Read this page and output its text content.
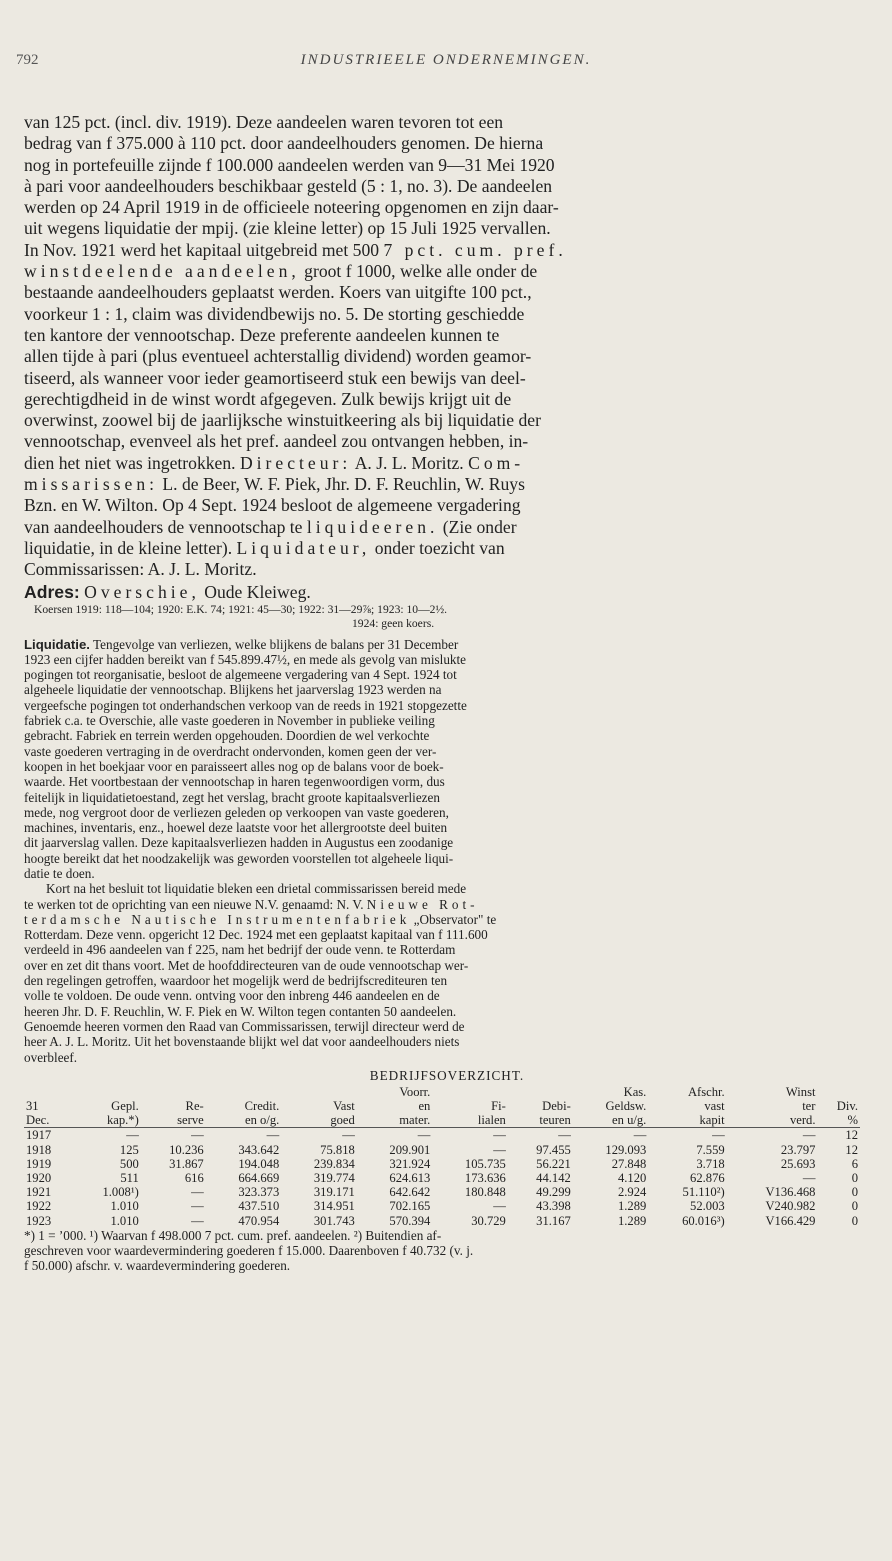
792	INDUSTRIEELE ONDERNEMINGEN.
van 125 pct. (incl. div. 1919). Deze aandeelen waren tevoren tot een
bedrag van f 375.000 à 110 pct. door aandeelhouders genomen. De hierna
nog in portefeuille zijnde f 100.000 aandeelen werden van 9—31 Mei 1920
à pari voor aandeelhouders beschikbaar gesteld (5 : 1, no. 3). De aandeelen
werden op 24 April 1919 in de officieele noteering opgenomen en zijn daar-
uit wegens liquidatie der mpij. (zie kleine letter) op 15 Juli 1925 vervallen.
In Nov. 1921 werd het kapitaal uitgebreid met 500 7 pct. cum. pref.
winstdeelende aandeelen, groot f 1000, welke alle onder de
bestaande aandeelhouders geplaatst werden. Koers van uitgifte 100 pct.,
voorkeur 1 : 1, claim was dividendbewijs no. 5. De storting geschiedde
ten kantore der vennootschap. Deze preferente aandeelen kunnen te
allen tijde à pari (plus eventueel achterstallig dividend) worden geamor-
tiseerd, als wanneer voor ieder geamortiseerd stuk een bewijs van deel-
gerechtigdheid in de winst wordt afgegeven. Zulk bewijs krijgt uit de
overwinst, zoowel bij de jaarlijksche winstuitkeering als bij liquidatie der
vennootschap, evenveel als het pref. aandeel zou ontvangen hebben, in-
dien het niet was ingetrokken. Directeur: A. J. L. Moritz. Com-
missarissen: L. de Beer, W. F. Piek, Jhr. D. F. Reuchlin, W. Ruys
Bzn. en W. Wilton. Op 4 Sept. 1924 besloot de algemeene vergadering
van aandeelhouders de vennootschap te liquideeren. (Zie onder
liquidatie, in de kleine letter). Liquidateur, onder toezicht van
Commissarissen: A. J. L. Moritz.
Adres: Overschie, Oude Kleiweg.
Koersen 1919: 118—104; 1920: E.K. 74; 1921: 45—30; 1922: 31—29⅞; 1923: 10—2½.
1924: geen koers.
Liquidatie. Tengevolge van verliezen, welke blijkens de balans per 31 December
1923 een cijfer hadden bereikt van f 545.899.47½, en mede als gevolg van mislukte
pogingen tot reorganisatie, besloot de algemeene vergadering van 4 Sept. 1924 tot
algeheele liquidatie der vennootschap. Blijkens het jaarverslag 1923 werden na
vergeefsche pogingen tot onderhandschen verkoop van de reeds in 1921 stopgezette
fabriek c.a. te Overschie, alle vaste goederen in November in publieke veiling
gebracht. Fabriek en terrein werden opgehouden. Doordien de wel verkochte
vaste goederen vertraging in de overdracht ondervonden, komen geen der ver-
koopen in het boekjaar voor en paraisseert alles nog op de balans voor de boek-
waarde. Het voortbestaan der vennootschap in haren tegenwoordigen vorm, dus
feitelijk in liquidatietoestand, zegt het verslag, bracht groote kapitaalsverliezen
mede, nog vergroot door de verliezen geleden op verkoopen van vaste goederen,
machines, inventaris, enz., hoewel deze laatste voor het allergrootste deel buiten
dit jaarverslag vallen. Deze kapitaalsverliezen hadden in Augustus een zoodanige
hoogte bereikt dat het noodzakelijk was geworden voorstellen tot algeheele liqui-
datie te doen.
Kort na het besluit tot liquidatie bleken een drietal commissarissen bereid mede
te werken tot de oprichting van een nieuwe N.V. genaamd: N. V. Nieuwe Rot-
terdamsche Nautische Instrumentenfabriek „Observator" te
Rotterdam. Deze venn. opgericht 12 Dec. 1924 met een geplaatst kapitaal van f 111.600
verdeeld in 496 aandeelen van f 225, nam het bedrijf der oude venn. te Rotterdam
over en zet dit thans voort. Met de hoofddirecteuren van de oude vennootschap wer-
den regelingen getroffen, waardoor het mogelijk werd de bedrijfscrediteuren ten
volle te voldoen. De oude venn. ontving voor den inbreng 446 aandeelen en de
heeren Jhr. D. F. Reuchlin, W. F. Piek en W. Wilton tegen contanten 50 aandeelen.
Genoemde heeren vormen den Raad van Commissarissen, terwijl directeur werd de
heer A. J. L. Moritz. Uit het bovenstaande blijkt wel dat voor aandeelhouders niets
overbleef.
BEDRIJFSOVERZICHT.
					Voorr.			Kas.	Afschr.	Winst	
31	Gepl.	Re-	Credit.	Vast	en	Fi-	Debi-	Geldsw.	vast	ter	Div.
Dec.	kap.*)	serve	en o/g.	goed	mater.	lialen	teuren	en u/g.	kapit	verd.	%
1917	—	—	—	—	—	—	—	—	—	—	12
1918	125	10.236	343.642	75.818	209.901	—	97.455	129.093	7.559	23.797	12
1919	500	31.867	194.048	239.834	321.924	105.735	56.221	27.848	3.718	25.693	6
1920	511	616	664.669	319.774	624.613	173.636	44.142	4.120	62.876	—	0
1921	1.008¹)	—	323.373	319.171	642.642	180.848	49.299	2.924	51.110²)	V136.468	0
1922	1.010	—	437.510	314.951	702.165	—	43.398	1.289	52.003	V240.982	0
1923	1.010	—	470.954	301.743	570.394	30.729	31.167	1.289	60.016³)	V166.429	0
*) 1 = ’000. ¹) Waarvan f 498.000 7 pct. cum. pref. aandeelen. ²) Buitendien af-
geschreven voor waardevermindering goederen f 15.000. Daarenboven f 40.732 (v. j.
f 50.000) afschr. v. waardevermindering goederen.
